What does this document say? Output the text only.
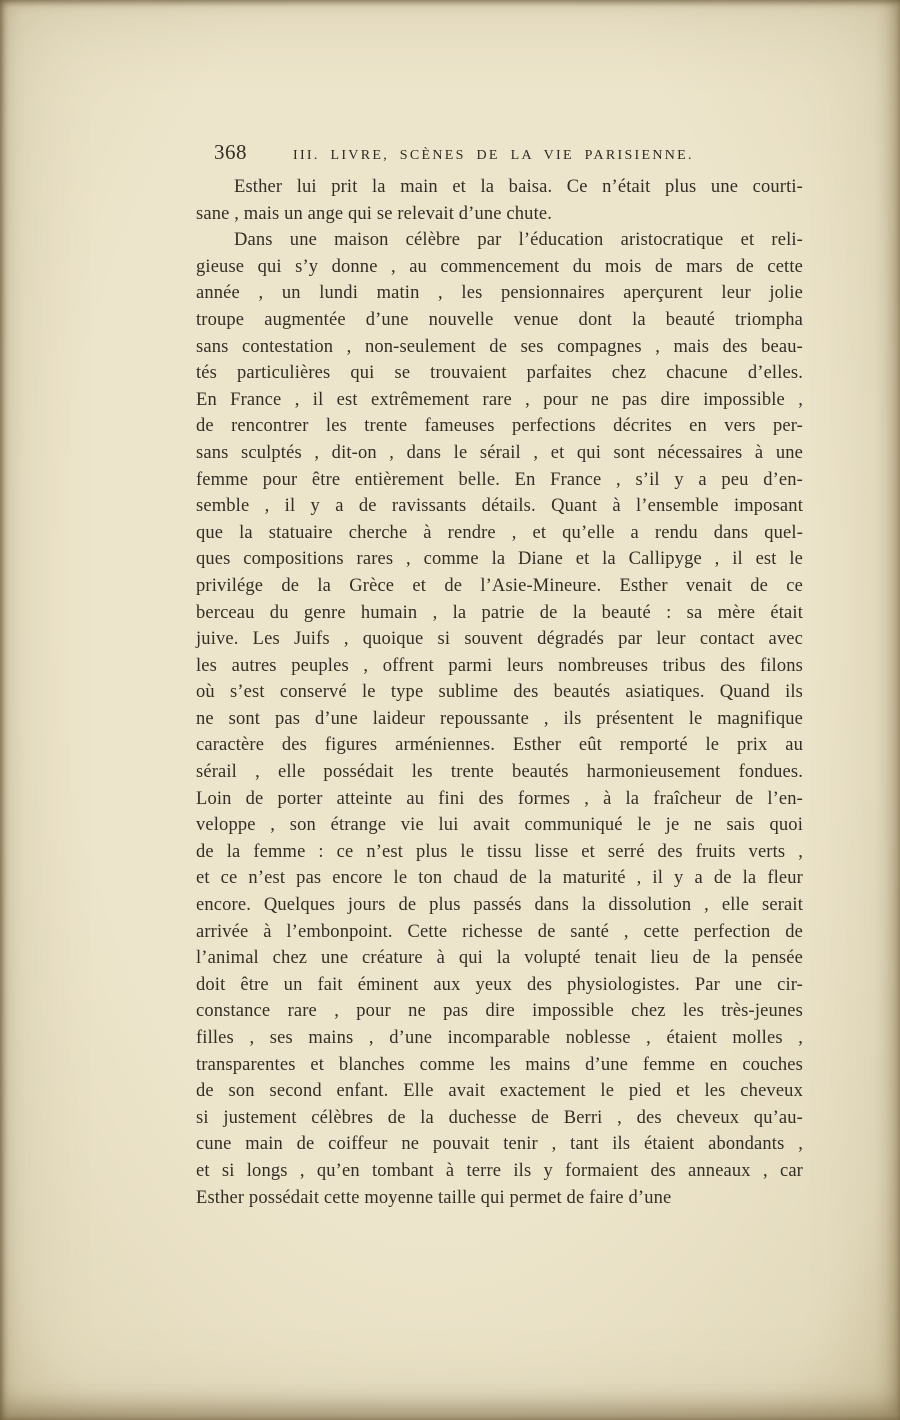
368	III. LIVRE, SCÈNES DE LA VIE PARISIENNE.

Esther lui prit la main et la baisa. Ce n’était plus une courti-
sane , mais un ange qui se relevait d’une chute.

Dans une maison célèbre par l’éducation aristocratique et reli-
gieuse qui s’y donne , au commencement du mois de mars de cette
année , un lundi matin , les pensionnaires aperçurent leur jolie
troupe augmentée d’une nouvelle venue dont la beauté triompha
sans contestation , non-seulement de ses compagnes , mais des beau-
tés particulières qui se trouvaient parfaites chez chacune d’elles.
En France , il est extrêmement rare , pour ne pas dire impossible ,
de rencontrer les trente fameuses perfections décrites en vers per-
sans sculptés , dit-on , dans le sérail , et qui sont nécessaires à une
femme pour être entièrement belle. En France , s’il y a peu d’en-
semble , il y a de ravissants détails. Quant à l’ensemble imposant
que la statuaire cherche à rendre , et qu’elle a rendu dans quel-
ques compositions rares , comme la Diane et la Callipyge , il est le
privilége de la Grèce et de l’Asie-Mineure. Esther venait de ce
berceau du genre humain , la patrie de la beauté : sa mère était
juive. Les Juifs , quoique si souvent dégradés par leur contact avec
les autres peuples , offrent parmi leurs nombreuses tribus des filons
où s’est conservé le type sublime des beautés asiatiques. Quand ils
ne sont pas d’une laideur repoussante , ils présentent le magnifique
caractère des figures arméniennes. Esther eût remporté le prix au
sérail , elle possédait les trente beautés harmonieusement fondues.
Loin de porter atteinte au fini des formes , à la fraîcheur de l’en-
veloppe , son étrange vie lui avait communiqué le je ne sais quoi
de la femme : ce n’est plus le tissu lisse et serré des fruits verts ,
et ce n’est pas encore le ton chaud de la maturité , il y a de la fleur
encore. Quelques jours de plus passés dans la dissolution , elle serait
arrivée à l’embonpoint. Cette richesse de santé , cette perfection de
l’animal chez une créature à qui la volupté tenait lieu de la pensée
doit être un fait éminent aux yeux des physiologistes. Par une cir-
constance rare , pour ne pas dire impossible chez les très-jeunes
filles , ses mains , d’une incomparable noblesse , étaient molles ,
transparentes et blanches comme les mains d’une femme en couches
de son second enfant. Elle avait exactement le pied et les cheveux
si justement célèbres de la duchesse de Berri , des cheveux qu’au-
cune main de coiffeur ne pouvait tenir , tant ils étaient abondants ,
et si longs , qu’en tombant à terre ils y formaient des anneaux , car
Esther possédait cette moyenne taille qui permet de faire d’une
